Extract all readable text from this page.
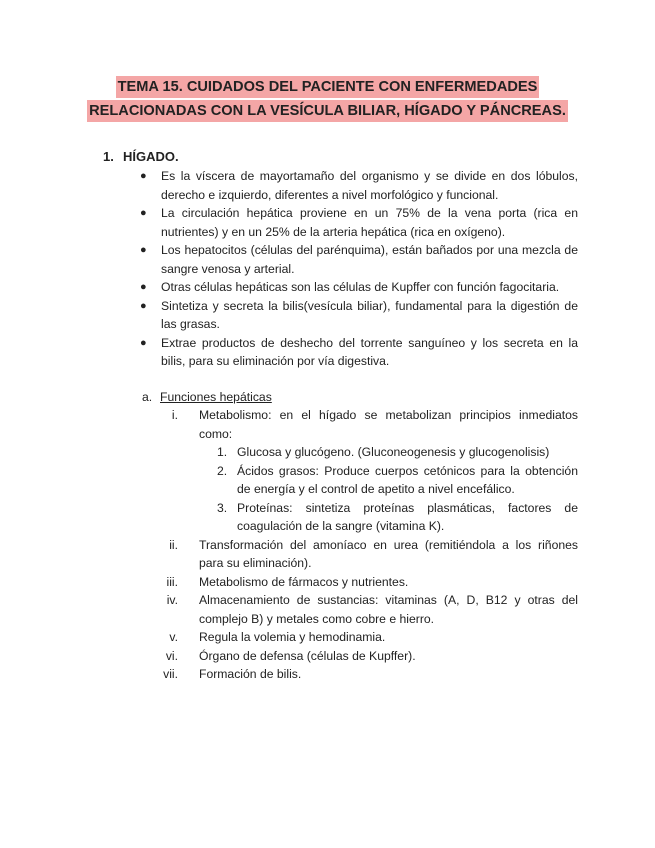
TEMA 15. CUIDADOS DEL PACIENTE CON ENFERMEDADES
RELACIONADAS CON LA VESÍCULA BILIAR, HÍGADO Y PÁNCREAS.
1. HÍGADO.

● Es la víscera de mayortamaño del organismo y se divide en dos lóbulos, derecho e izquierdo, diferentes a nivel morfológico y funcional.

● La circulación hepática proviene en un 75% de la vena porta (rica en nutrientes) y en un 25% de la arteria hepática (rica en oxígeno).

● Los hepatocitos (células del parénquima), están bañados por una mezcla de sangre venosa y arterial.

● Otras células hepáticas son las células de Kupffer con función fagocitaria.

● Sintetiza y secreta la bilis(vesícula biliar), fundamental para la digestión de las grasas.

● Extrae productos de deshecho del torrente sanguíneo y los secreta en la bilis, para su eliminación por vía digestiva.

a. Funciones hepáticas
i. Metabolismo: en el hígado se metabolizan principios inmediatos como:
1. Glucosa y glucógeno. (Gluconeogenesis y glucogenolisis)
2. Ácidos grasos: Produce cuerpos cetónicos para la obtención de energía y el control de apetito a nivel encefálico.
3. Proteínas: sintetiza proteínas plasmáticas, factores de coagulación de la sangre (vitamina K).
ii. Transformación del amoníaco en urea (remitiéndola a los riñones para su eliminación).
iii. Metabolismo de fármacos y nutrientes.
iv. Almacenamiento de sustancias: vitaminas (A, D, B12 y otras del complejo B) y metales como cobre e hierro.
v. Regula la volemia y hemodinamia.
vi. Órgano de defensa (células de Kupffer).
vii. Formación de bilis.
